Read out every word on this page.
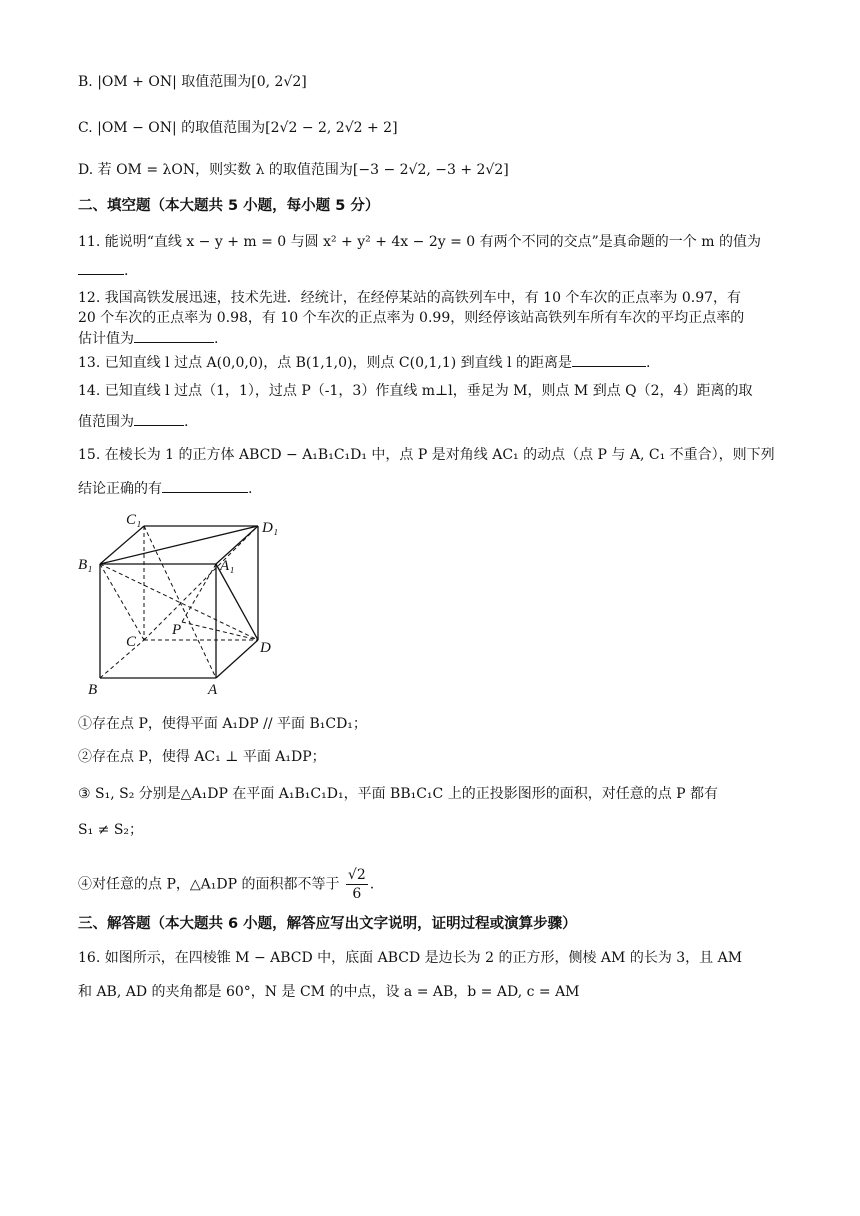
B. |OM + ON| 取值范围为[0, 2√2]
C. |OM − ON| 的取值范围为[2√2 − 2, 2√2 + 2]
D. 若 OM = λON，则实数 λ 的取值范围为[−3 − 2√2, −3 + 2√2]
二、填空题（本大题共 5 小题，每小题 5 分）
11. 能说明“直线 x − y + m = 0 与圆 x² + y² + 4x − 2y = 0 有两个不同的交点”是真命题的一个 m 的值为
.
12. 我国高铁发展迅速，技术先进．经统计，在经停某站的高铁列车中，有 10 个车次的正点率为 0.97，有
20 个车次的正点率为 0.98，有 10 个车次的正点率为 0.99，则经停该站高铁列车所有车次的平均正点率的
估计值为	.
13. 已知直线 l 过点 A(0,0,0)，点 B(1,1,0)，则点 C(0,1,1) 到直线 l 的距离是	.
14. 已知直线 l 过点（1，1），过点 P（-1，3）作直线 m⊥l，垂足为 M，则点 M 到点 Q（2，4）距离的取
值范围为	.
15. 在棱长为 1 的正方体 ABCD − A₁B₁C₁D₁ 中，点 P 是对角线 AC₁ 的动点（点 P 与 A, C₁ 不重合），则下列
结论正确的有	.
C₁	D₁
B₁	A₁
C
P
D
B	A
①存在点 P，使得平面 A₁DP // 平面 B₁CD₁；
②存在点 P，使得 AC₁ ⊥ 平面 A₁DP；
③ S₁, S₂ 分别是△A₁DP 在平面 A₁B₁C₁D₁，平面 BB₁C₁C 上的正投影图形的面积，对任意的点 P 都有
S₁ ≠ S₂；
④对任意的点 P，△A₁DP 的面积都不等于 $\frac{√2}{6}$ .
三、解答题（本大题共 6 小题，解答应写出文字说明，证明过程或演算步骤）
16. 如图所示，在四棱锥 M − ABCD 中，底面 ABCD 是边长为 2 的正方形，侧棱 AM 的长为 3，且 AM
和 AB, AD 的夹角都是 60°，N 是 CM 的中点，设 a = AB，b = AD, c = AM
